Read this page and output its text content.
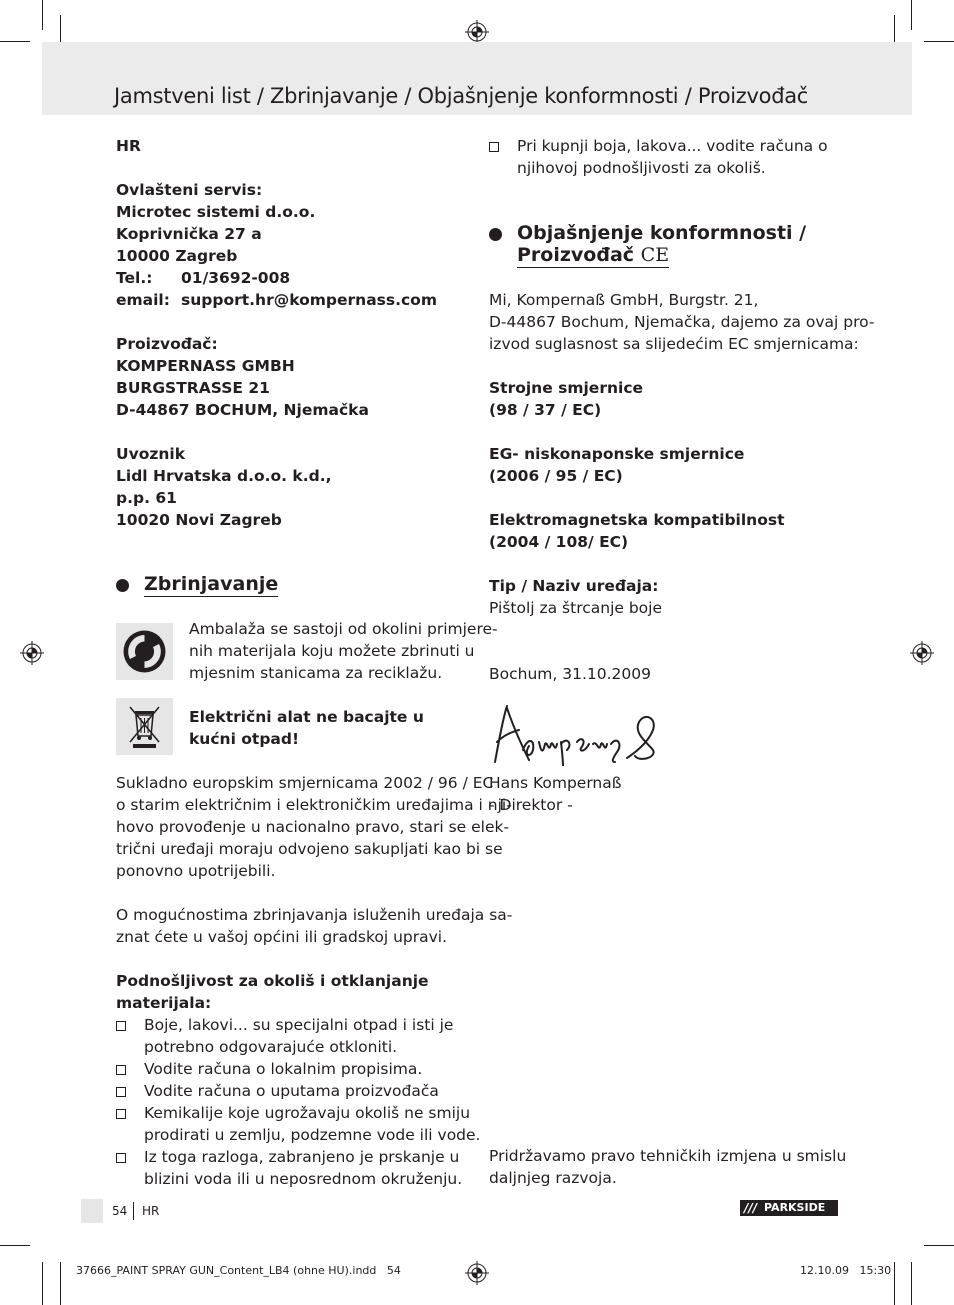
Jamstveni list / Zbrinjavanje / Objašnjenje konformnosti / Proizvođač
HR
Ovlašteni servis:
Microtec sistemi d.o.o.
Koprivnička 27 a
10000 Zagreb
Tel.: 01/3692-008
email: support.hr@kompernass.com
Proizvođač:
KOMPERNASS GMBH
BURGSTRASSE 21
D-44867 BOCHUM, Njemačka
Uvoznik
Lidl Hrvatska d.o.o. k.d.,
p.p. 61
10020 Novi Zagreb
Zbrinjavanje
Ambalaža se sastoji od okolini primjere-
nih materijala koju možete zbrinuti u
mjesnim stanicama za reciklažu.
Električni alat ne bacajte u
kućni otpad!
Sukladno europskim smjernicama 2002 / 96 / EC
o starim električnim i elektroničkim uređajima i nji-
hovo provođenje u nacionalno pravo, stari se elek-
trični uređaji moraju odvojeno sakupljati kao bi se
ponovno upotrijebili.
O mogućnostima zbrinjavanja isluženih uređaja sa-
znat ćete u vašoj općini ili gradskoj upravi.
Podnošljivost za okoliš i otklanjanje
materijala:
Boje, lakovi... su specijalni otpad i isti je
potrebno odgovarajuće otkloniti.
Vodite računa o lokalnim propisima.
Vodite računa o uputama proizvođača
Kemikalije koje ugrožavaju okoliš ne smiju
prodirati u zemlju, podzemne vode ili vode.
Iz toga razloga, zabranjeno je prskanje u
blizini voda ili u neposrednom okruženju.
Pri kupnji boja, lakova... vodite računa o
njihovoj podnošljivosti za okoliš.
Objašnjenje konformnosti /
Proizvođač CE
Mi, Kompernaß GmbH, Burgstr. 21,
D-44867 Bochum, Njemačka, dajemo za ovaj pro-
izvod suglasnost sa slijedećim EC smjernicama:
Strojne smjernice
(98 / 37 / EC)
EG- niskonaponske smjernice
(2006 / 95 / EC)
Elektromagnetska kompatibilnost
(2004 / 108/ EC)
Tip / Naziv uređaja:
Pištolj za štrcanje boje
Bochum, 31.10.2009
Hans Kompernaß
- Direktor -
Pridržavamo pravo tehničkih izmjena u smislu
daljnjeg razvoja.
54 HR	/// PARKSIDE
37666_PAINT SPRAY GUN_Content_LB4 (ohne HU).indd   54	12.10.09   15:30
